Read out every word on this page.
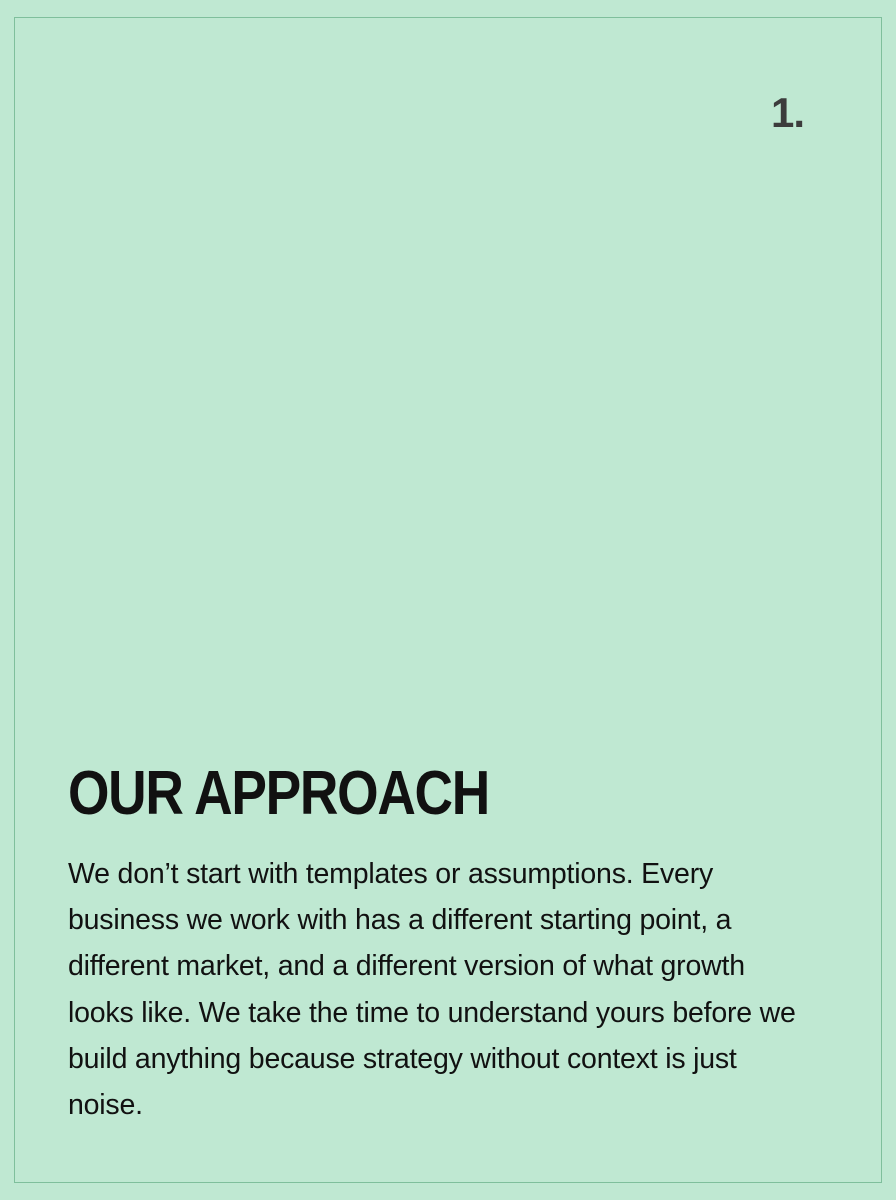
1.
OUR APPROACH

We don’t start with templates or assumptions. Every business we work with has a different starting point, a different market, and a different version of what growth looks like. We take the time to understand yours before we build anything because strategy without context is just noise.
